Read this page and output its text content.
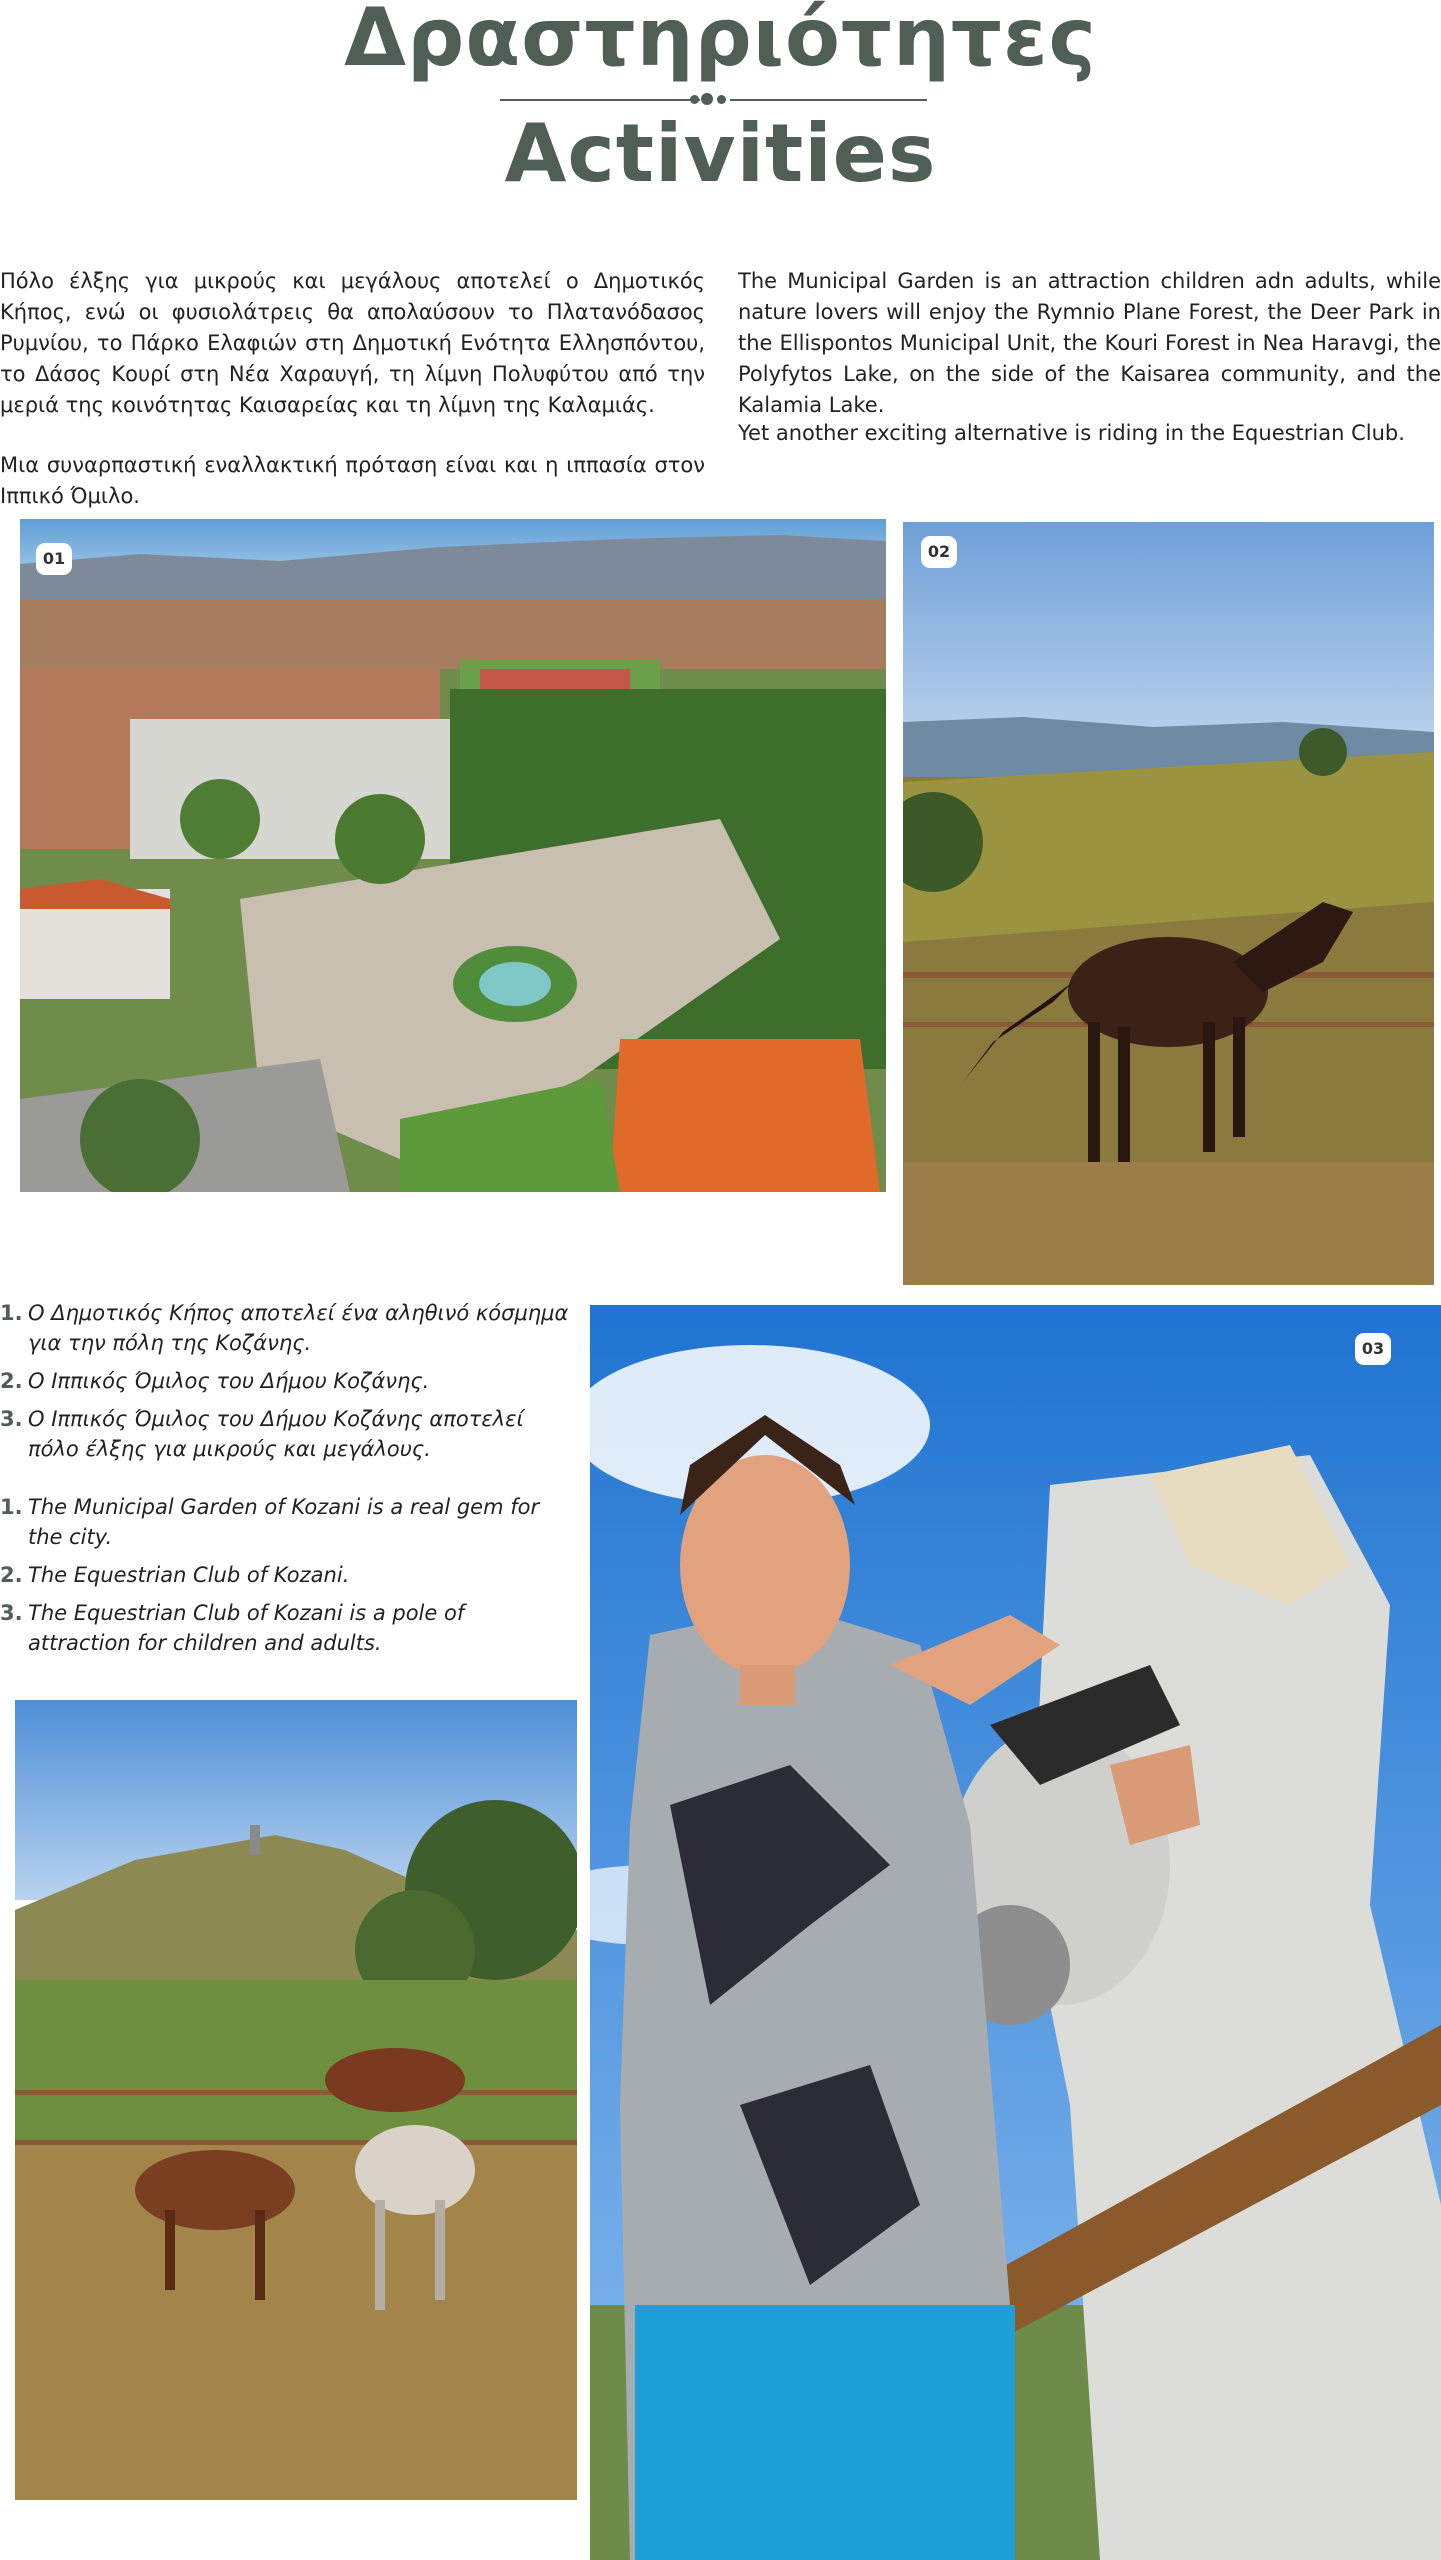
Δραστηριότητες
Activities

Πόλο έλξης για μικρούς και μεγάλους αποτελεί ο Δημοτικός Κήπος, ενώ οι φυσιολάτρεις θα απολαύσουν το Πλατανόδασος Ρυμνίου, το Πάρκο Ελαφιών στη Δημοτική Ενότητα Ελλησπόντου, το Δάσος Κουρί στη Νέα Χαραυγή, τη λίμνη Πολυφύτου από την μεριά της κοινότητας Καισαρείας και τη λίμνη της Καλαμιάς.

Μια συναρπαστική εναλλακτική πρόταση είναι και η ιππασία στον Ιππικό Όμιλο.

The Municipal Garden is an attraction children adn adults, while nature lovers will enjoy the Rymnio Plane Forest, the Deer Park in the Ellispontos Municipal Unit, the Kouri Forest in Nea Haravgi, the Polyfytos Lake, on the side of the Kaisarea community, and the Kalamia Lake.

Yet another exciting alternative is riding in the Equestrian Club.

01	02
1. Ο Δημοτικός Κήπος αποτελεί ένα αληθινό κόσμημα για την πόλη της Κοζάνης.
2. Ο Ιππικός Όμιλος του Δήμου Κοζάνης.
3. Ο Ιππικός Όμιλος του Δήμου Κοζάνης αποτελεί πόλο έλξης για μικρούς και μεγάλους.
1. The Municipal Garden of Kozani is a real gem for the city.
2. The Equestrian Club of Kozani.
3. The Equestrian Club of Kozani is a pole of attraction for children and adults.
03
